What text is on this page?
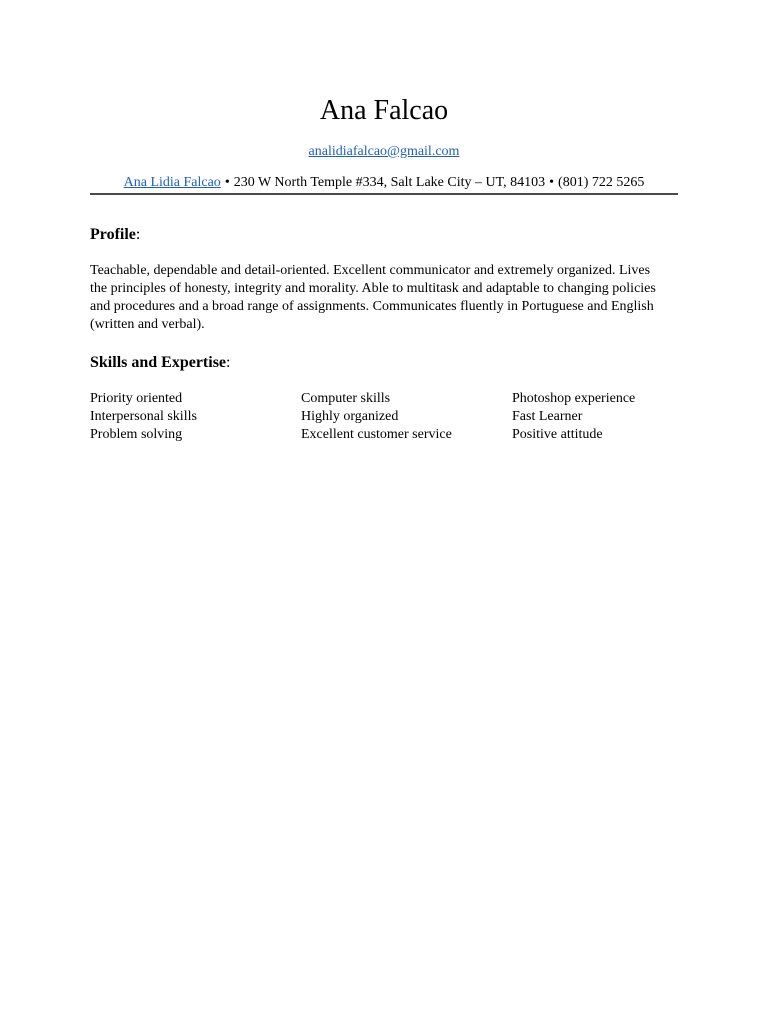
Ana Falcao
analidiafalcao@gmail.com
Ana Lidia Falcao • 230 W North Temple #334, Salt Lake City – UT, 84103 • (801) 722 5265
Profile:

Teachable, dependable and detail-oriented. Excellent communicator and extremely organized. Lives the principles of honesty, integrity and morality. Able to multitask and adaptable to changing policies and procedures and a broad range of assignments. Communicates fluently in Portuguese and English (written and verbal).

Skills and Expertise:
Priority oriented	Computer skills	Photoshop experience
Interpersonal skills	Highly organized	Fast Learner
Problem solving	Excellent customer service	Positive attitude
